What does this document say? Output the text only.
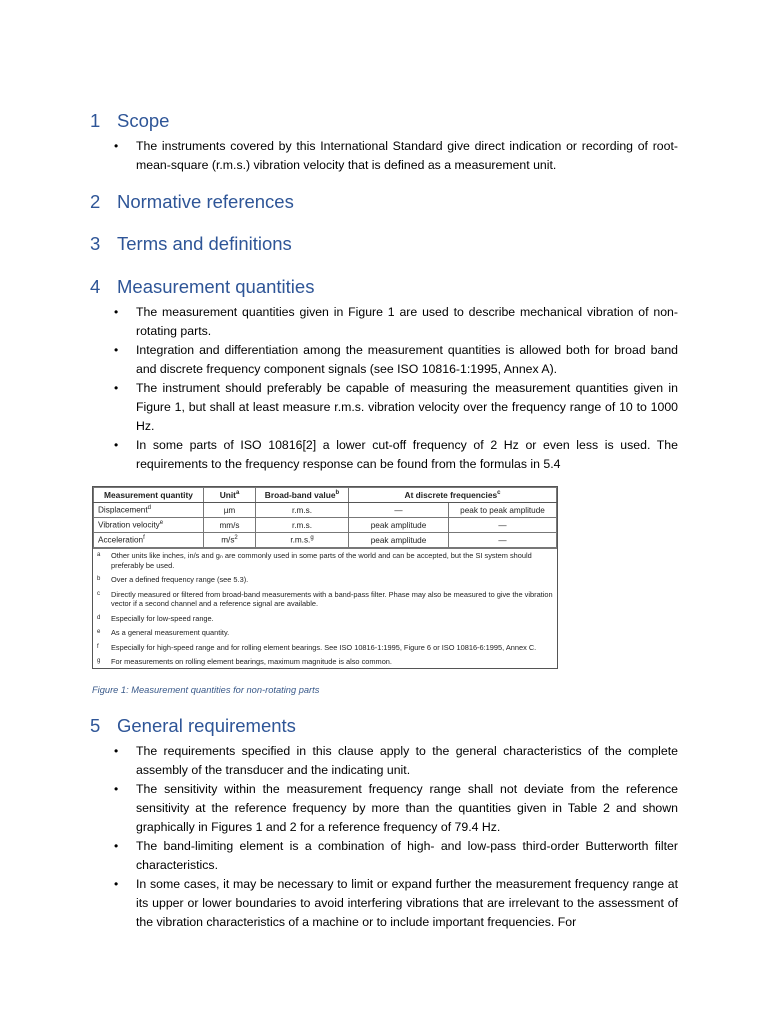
1 Scope
• The instruments covered by this International Standard give direct indication or recording of root-mean-square (r.m.s.) vibration velocity that is defined as a measurement unit.
2 Normative references
3 Terms and definitions
4 Measurement quantities
• The measurement quantities given in Figure 1 are used to describe mechanical vibration of non-rotating parts.
• Integration and differentiation among the measurement quantities is allowed both for broad band and discrete frequency component signals (see ISO 10816-1:1995, Annex A).
• The instrument should preferably be capable of measuring the measurement quantities given in Figure 1, but shall at least measure r.m.s. vibration velocity over the frequency range of 10 to 1000 Hz.
• In some parts of ISO 10816[2] a lower cut-off frequency of 2 Hz or even less is used. The requirements to the frequency response can be found from the formulas in 5.4
Measurement quantity	Unit$^a$	Broad-band value$^b$	At discrete frequencies$^c$
Displacement$^d$	µm	r.m.s.	—	peak to peak amplitude
Vibration velocity$^e$	mm/s	r.m.s.	peak amplitude	—
Acceleration$^f$	$m/s^2$	r.m.s.$^g$	peak amplitude	—
a	Other units like inches, in/s and gₙ are commonly used in some parts of the world and can be accepted, but the SI system should preferably be used.
b	Over a defined frequency range (see 5.3).
c	Directly measured or filtered from broad-band measurements with a band-pass filter. Phase may also be measured to give the vibration vector if a second channel and a reference signal are available.
d	Especially for low-speed range.
e	As a general measurement quantity.
f	Especially for high-speed range and for rolling element bearings. See ISO 10816-1:1995, Figure 6 or ISO 10816-6:1995, Annex C.
g	For measurements on rolling element bearings, maximum magnitude is also common.

Figure 1: Measurement quantities for non-rotating parts

5 General requirements
• The requirements specified in this clause apply to the general characteristics of the complete assembly of the transducer and the indicating unit.
• The sensitivity within the measurement frequency range shall not deviate from the reference sensitivity at the reference frequency by more than the quantities given in Table 2 and shown graphically in Figures 1 and 2 for a reference frequency of 79.4 Hz.
• The band-limiting element is a combination of high- and low-pass third-order Butterworth filter characteristics.
• In some cases, it may be necessary to limit or expand further the measurement frequency range at its upper or lower boundaries to avoid interfering vibrations that are irrelevant to the assessment of the vibration characteristics of a machine or to include important frequencies. For
